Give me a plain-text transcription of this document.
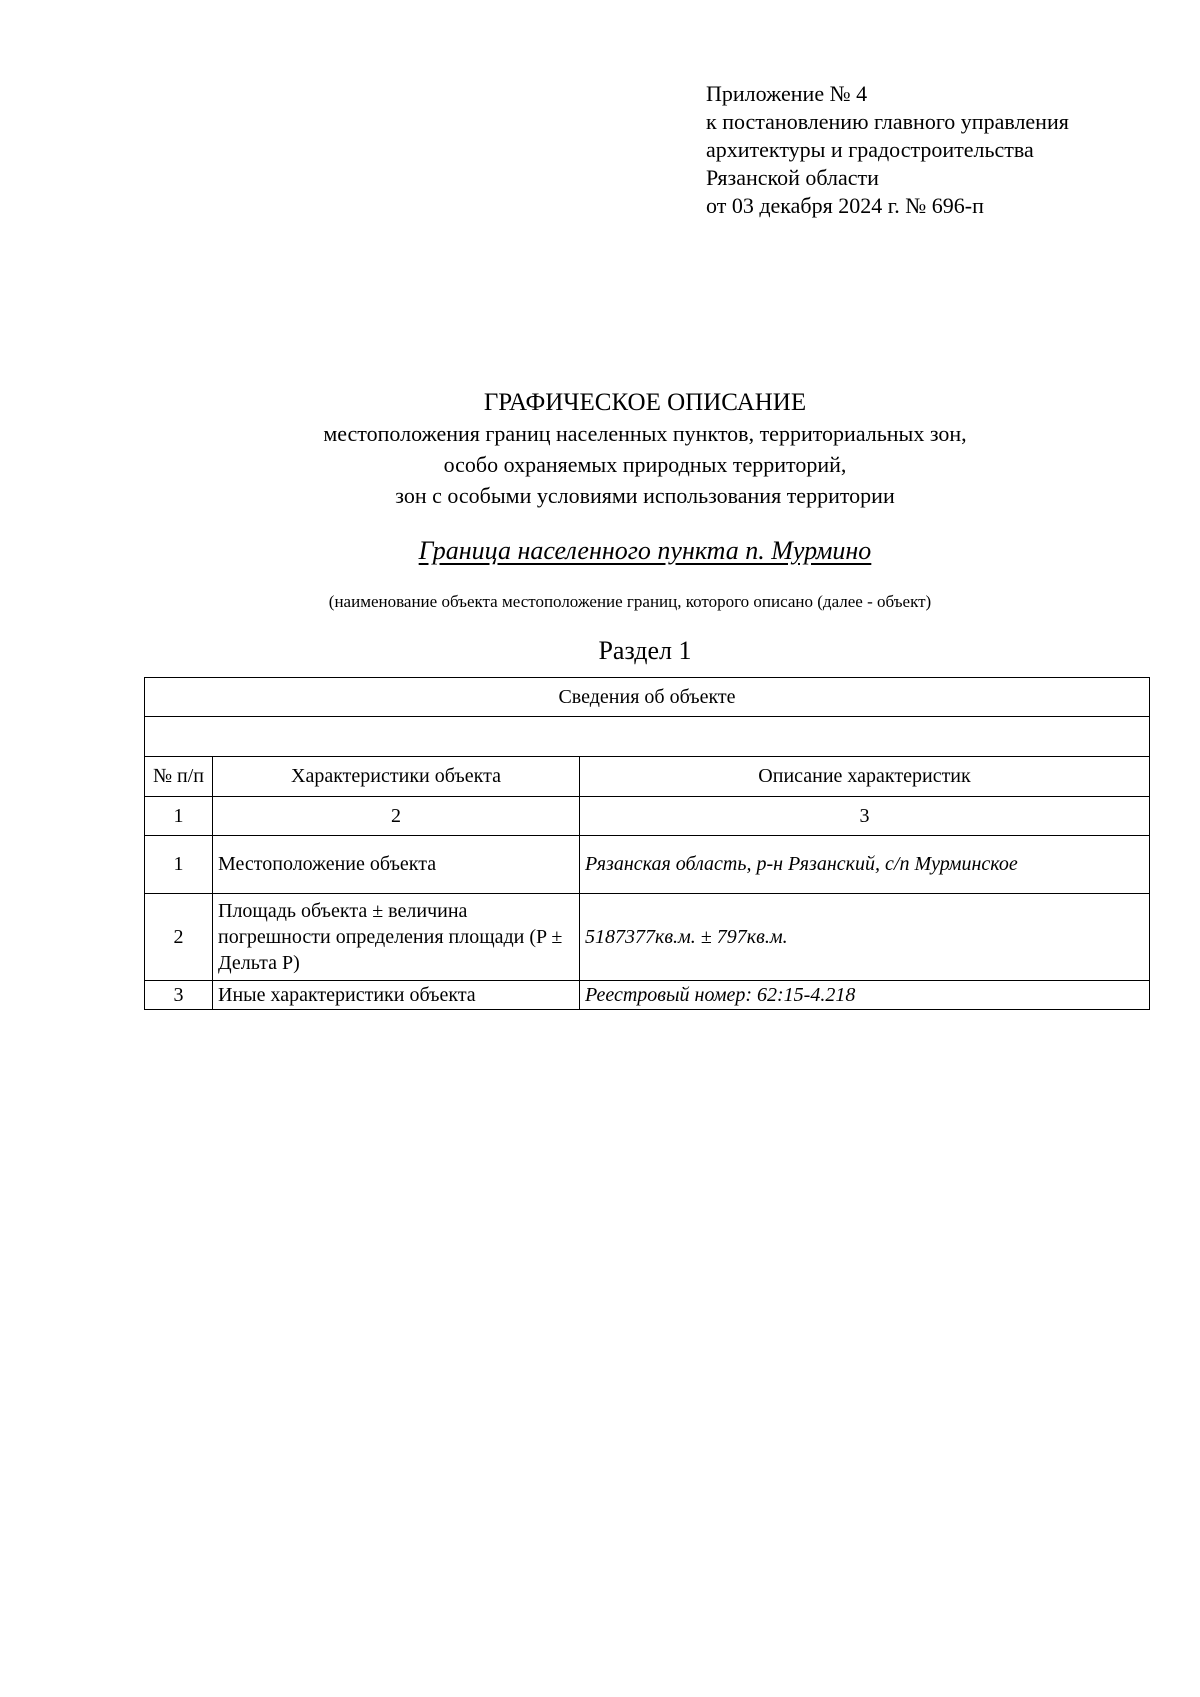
Приложение № 4
к постановлению главного управления
архитектуры и градостроительства
Рязанской области
от 03 декабря 2024 г. № 696-п
ГРАФИЧЕСКОЕ ОПИСАНИЕ
местоположения границ населенных пунктов, территориальных зон,
особо охраняемых природных территорий,
зон с особыми условиями использования территории
Граница населенного пункта п. Мурмино
(наименование объекта местоположение границ, которого описано (далее - объект)
Раздел 1
Сведения об объекте		

№ п/п	Характеристики объекта	Описание характеристик
1	2	3
1	Местоположение объекта	Рязанская область, р-н Рязанский, с/п Мурминское
2	Площадь объекта ± величина погрешности определения площади (P ± Дельта P)	5187377кв.м. ± 797кв.м.
3	Иные характеристики объекта	Реестровый номер: 62:15-4.218
